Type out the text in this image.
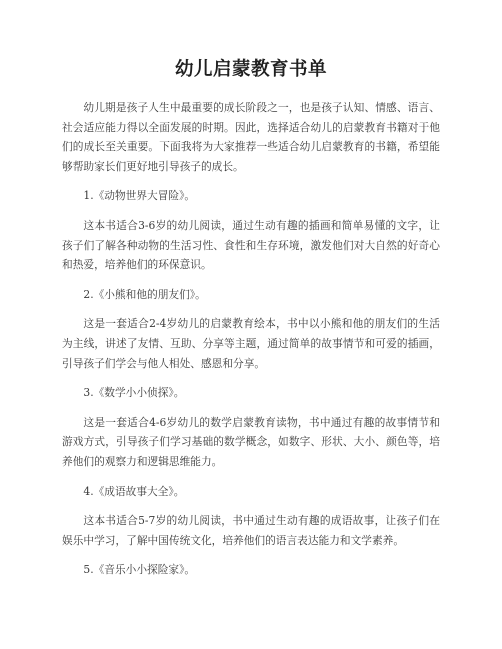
幼儿启蒙教育书单

幼儿期是孩子人生中最重要的成长阶段之一，也是孩子认知、情感、语言、社会适应能力得以全面发展的时期。因此，选择适合幼儿的启蒙教育书籍对于他们的成长至关重要。下面我将为大家推荐一些适合幼儿启蒙教育的书籍，希望能够帮助家长们更好地引导孩子的成长。

1.《动物世界大冒险》。

这本书适合3-6岁的幼儿阅读，通过生动有趣的插画和简单易懂的文字，让孩子们了解各种动物的生活习性、食性和生存环境，激发他们对大自然的好奇心和热爱，培养他们的环保意识。

2.《小熊和他的朋友们》。

这是一套适合2-4岁幼儿的启蒙教育绘本，书中以小熊和他的朋友们的生活为主线，讲述了友情、互助、分享等主题，通过简单的故事情节和可爱的插画，引导孩子们学会与他人相处、感恩和分享。

3.《数学小小侦探》。

这是一套适合4-6岁幼儿的数学启蒙教育读物，书中通过有趣的故事情节和游戏方式，引导孩子们学习基础的数学概念，如数字、形状、大小、颜色等，培养他们的观察力和逻辑思维能力。

4.《成语故事大全》。

这本书适合5-7岁的幼儿阅读，书中通过生动有趣的成语故事，让孩子们在娱乐中学习，了解中国传统文化，培养他们的语言表达能力和文学素养。

5.《音乐小小探险家》。
